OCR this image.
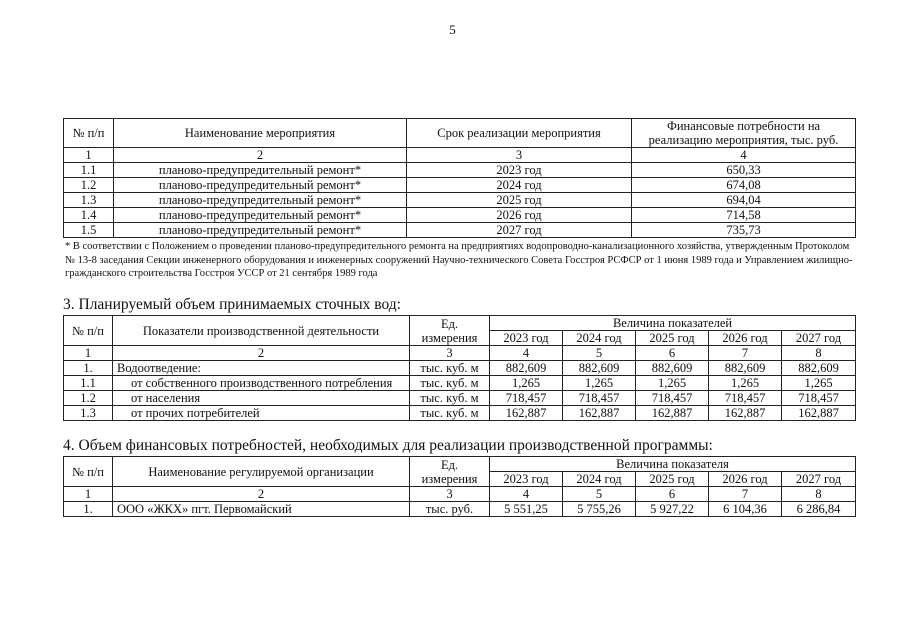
5
№ п/п	Наименование мероприятия	Срок реализации мероприятия	Финансовые потребности на реализацию мероприятия, тыс. руб.
1	2	3	4
1.1	планово-предупредительный ремонт*	2023 год	650,33
1.2	планово-предупредительный ремонт*	2024 год	674,08
1.3	планово-предупредительный ремонт*	2025 год	694,04
1.4	планово-предупредительный ремонт*	2026 год	714,58
1.5	планово-предупредительный ремонт*	2027 год	735,73
* В соответствии с Положением о проведении планово-предупредительного ремонта на предприятиях водопроводно-канализационного хозяйства, утвержденным Протоколом № 13-8 заседания Секции инженерного оборудования и инженерных сооружений Научно-технического Совета Госстроя РСФСР от 1 июня 1989 года и Управлением жилищно-гражданского строительства Госстроя УССР от 21 сентября 1989 года
3. Планируемый объем принимаемых сточных вод:
№ п/п	Показатели производственной деятельности	Ед. измерения	Величина показателей				
			2023 год	2024 год	2025 год	2026 год	2027 год
1	2	3	4	5	6	7	8
1.	Водоотведение:	тыс. куб. м	882,609	882,609	882,609	882,609	882,609
1.1	от собственного производственного потребления	тыс. куб. м	1,265	1,265	1,265	1,265	1,265
1.2	от населения	тыс. куб. м	718,457	718,457	718,457	718,457	718,457
1.3	от прочих потребителей	тыс. куб. м	162,887	162,887	162,887	162,887	162,887
4. Объем финансовых потребностей, необходимых для реализации производственной программы:
№ п/п	Наименование регулируемой организации	Ед. измерения	Величина показателя				
			2023 год	2024 год	2025 год	2026 год	2027 год
1	2	3	4	5	6	7	8
1.	ООО «ЖКХ» пгт. Первомайский	тыс. руб.	5 551,25	5 755,26	5 927,22	6 104,36	6 286,84
